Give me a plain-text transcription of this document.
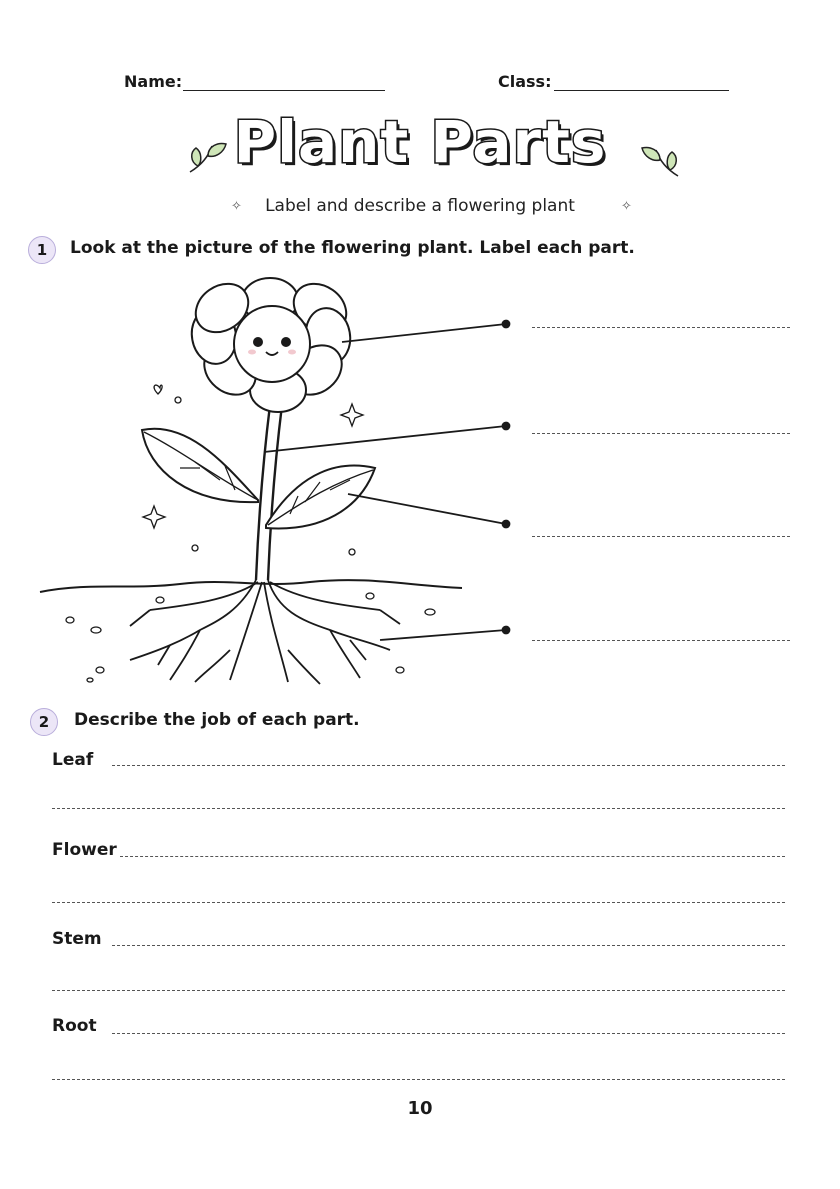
Name:	Class:
Plant Parts
✧	Label and describe a flowering plant	✧
1	Look at the picture of the flowering plant. Label each part.
2	Describe the job of each part.
Leaf
Flower
Stem
Root
10
